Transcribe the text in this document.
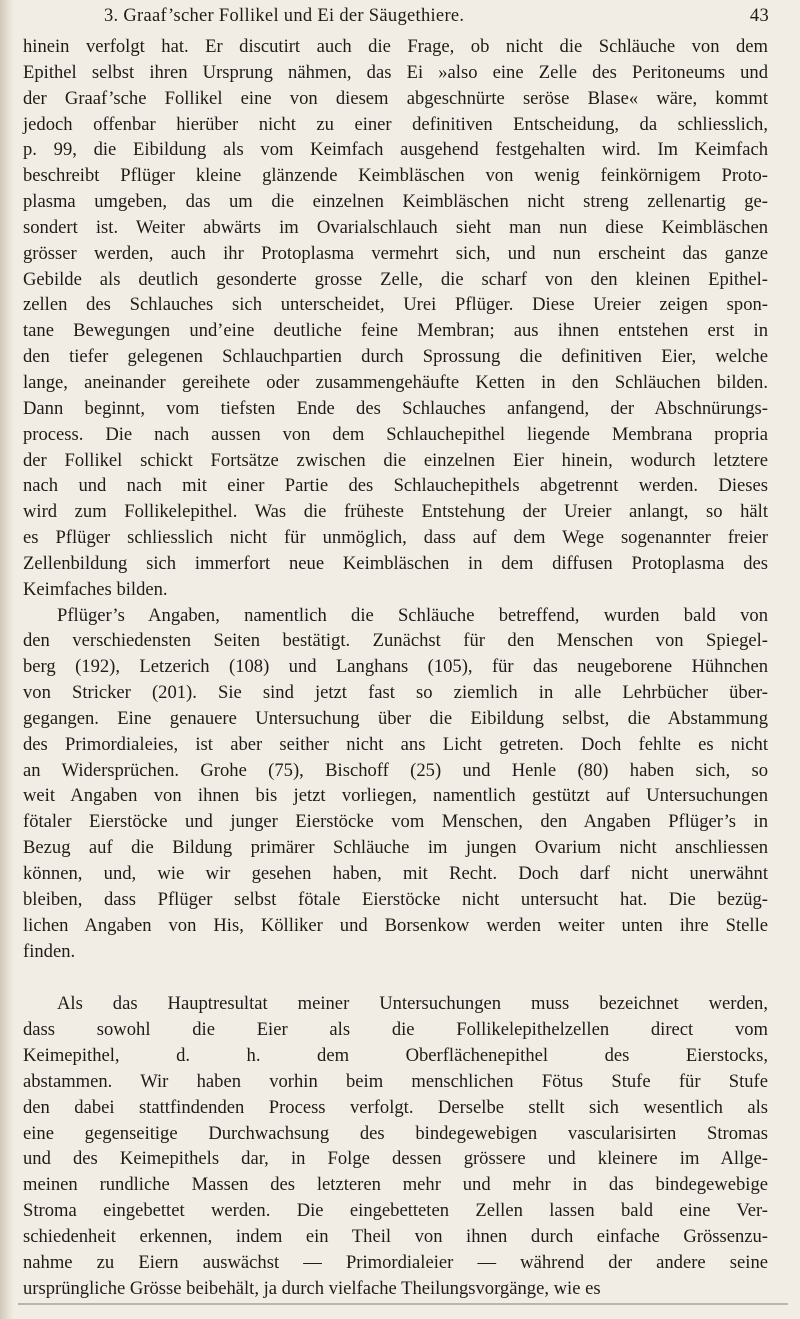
3. Graaf’scher Follikel und Ei der Säugethiere.	43
hinein verfolgt hat. Er discutirt auch die Frage, ob nicht die Schläuche von dem
Epithel selbst ihren Ursprung nähmen, das Ei »also eine Zelle des Peritoneums und
der Graaf’sche Follikel eine von diesem abgeschnürte seröse Blase« wäre, kommt
jedoch offenbar hierüber nicht zu einer definitiven Entscheidung, da schliesslich,
p. 99, die Eibildung als vom Keimfach ausgehend festgehalten wird. Im Keimfach
beschreibt Pflüger kleine glänzende Keimbläschen von wenig feinkörnigem Proto-
plasma umgeben, das um die einzelnen Keimbläschen nicht streng zellenartig ge-
sondert ist. Weiter abwärts im Ovarialschlauch sieht man nun diese Keimbläschen
grösser werden, auch ihr Protoplasma vermehrt sich, und nun erscheint das ganze
Gebilde als deutlich gesonderte grosse Zelle, die scharf von den kleinen Epithel-
zellen des Schlauches sich unterscheidet, Urei Pflüger. Diese Ureier zeigen spon-
tane Bewegungen und’eine deutliche feine Membran; aus ihnen entstehen erst in
den tiefer gelegenen Schlauchpartien durch Sprossung die definitiven Eier, welche
lange, aneinander gereihete oder zusammengehäufte Ketten in den Schläuchen bilden.
Dann beginnt, vom tiefsten Ende des Schlauches anfangend, der Abschnürungs-
process. Die nach aussen von dem Schlauchepithel liegende Membrana propria
der Follikel schickt Fortsätze zwischen die einzelnen Eier hinein, wodurch letztere
nach und nach mit einer Partie des Schlauchepithels abgetrennt werden. Dieses
wird zum Follikelepithel. Was die früheste Entstehung der Ureier anlangt, so hält
es Pflüger schliesslich nicht für unmöglich, dass auf dem Wege sogenannter freier
Zellenbildung sich immerfort neue Keimbläschen in dem diffusen Protoplasma des
Keimfaches bilden.
Pflüger’s Angaben, namentlich die Schläuche betreffend, wurden bald von
den verschiedensten Seiten bestätigt. Zunächst für den Menschen von Spiegel-
berg (192), Letzerich (108) und Langhans (105), für das neugeborene Hühnchen
von Stricker (201). Sie sind jetzt fast so ziemlich in alle Lehrbücher über-
gegangen. Eine genauere Untersuchung über die Eibildung selbst, die Abstammung
des Primordialeies, ist aber seither nicht ans Licht getreten. Doch fehlte es nicht
an Widersprüchen. Grohe (75), Bischoff (25) und Henle (80) haben sich, so
weit Angaben von ihnen bis jetzt vorliegen, namentlich gestützt auf Untersuchungen
fötaler Eierstöcke und junger Eierstöcke vom Menschen, den Angaben Pflüger’s in
Bezug auf die Bildung primärer Schläuche im jungen Ovarium nicht anschliessen
können, und, wie wir gesehen haben, mit Recht. Doch darf nicht unerwähnt
bleiben, dass Pflüger selbst fötale Eierstöcke nicht untersucht hat. Die bezüg-
lichen Angaben von His, Kölliker und Borsenkow werden weiter unten ihre Stelle
finden.
Als das Hauptresultat meiner Untersuchungen muss bezeichnet werden,
dass sowohl die Eier als die Follikelepithelzellen direct vom
Keimepithel, d. h. dem Oberflächenepithel des Eierstocks,
abstammen. Wir haben vorhin beim menschlichen Fötus Stufe für Stufe
den dabei stattfindenden Process verfolgt. Derselbe stellt sich wesentlich als
eine gegenseitige Durchwachsung des bindegewebigen vascularisirten Stromas
und des Keimepithels dar, in Folge dessen grössere und kleinere im Allge-
meinen rundliche Massen des letzteren mehr und mehr in das bindegewebige
Stroma eingebettet werden. Die eingebetteten Zellen lassen bald eine Ver-
schiedenheit erkennen, indem ein Theil von ihnen durch einfache Grössenzu-
nahme zu Eiern auswächst — Primordialeier — während der andere seine
ursprüngliche Grösse beibehält, ja durch vielfache Theilungsvorgänge, wie es
